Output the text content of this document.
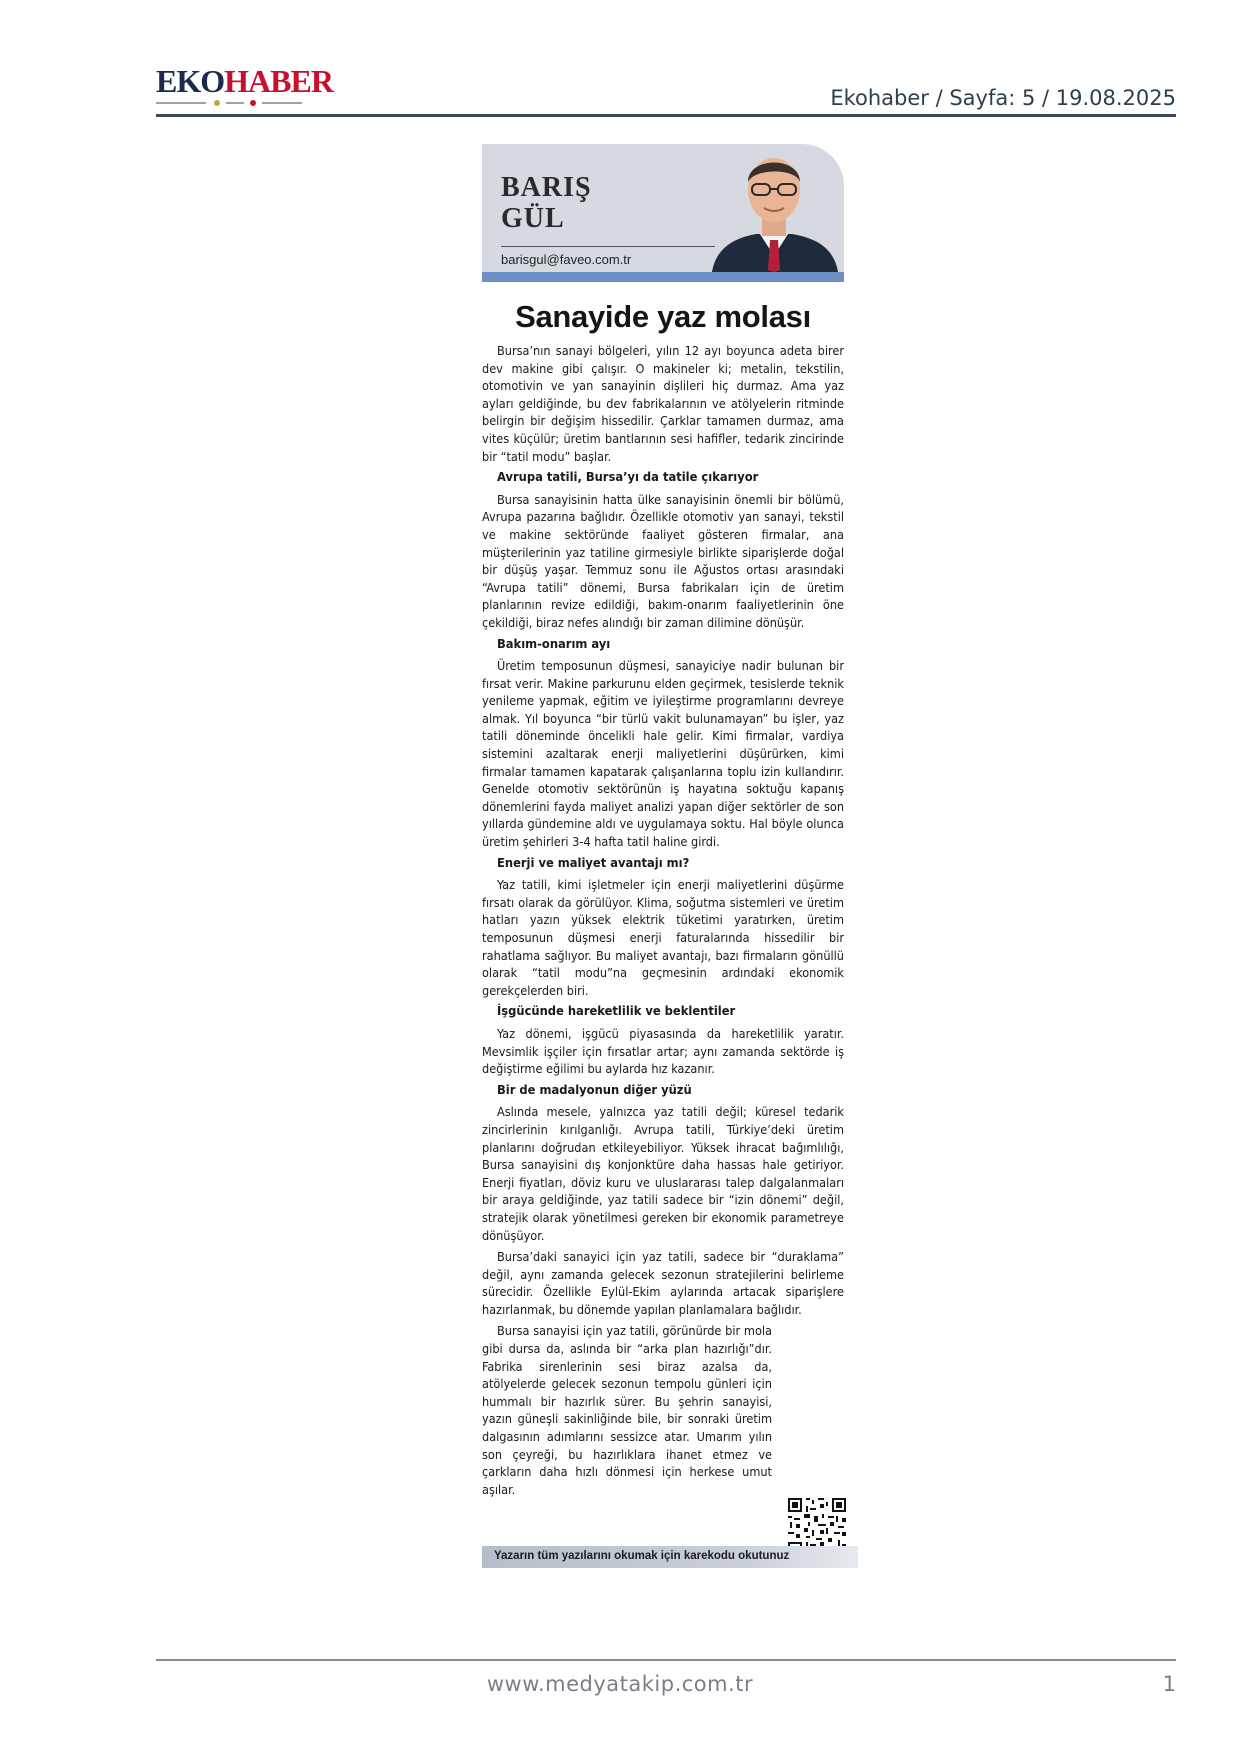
EKOHABER	Ekohaber / Sayfa: 5 / 19.08.2025
BARIŞ
GÜL
barisgul@faveo.com.tr
Sanayide yaz molası

Bursa’nın sanayi bölgeleri, yılın 12 ayı boyunca adeta birer dev makine gibi çalışır. O makineler ki; metalin, tekstilin, otomotivin ve yan sanayinin dişlileri hiç durmaz. Ama yaz ayları geldiğinde, bu dev fabrikalarının ve atölyelerin ritminde belirgin bir değişim hissedilir. Çarklar tamamen durmaz, ama vites küçülür; üretim bantlarının sesi hafifler, tedarik zincirinde bir “tatil modu” başlar.

Avrupa tatili, Bursa’yı da tatile çıkarıyor

Bursa sanayisinin hatta ülke sanayisinin önemli bir bölümü, Avrupa pazarına bağlıdır. Özellikle otomotiv yan sanayi, tekstil ve makine sektöründe faaliyet gösteren firmalar, ana müşterilerinin yaz tatiline girmesiyle birlikte siparişlerde doğal bir düşüş yaşar. Temmuz sonu ile Ağustos ortası arasındaki “Avrupa tatili” dönemi, Bursa fabrikaları için de üretim planlarının revize edildiği, bakım-onarım faaliyetlerinin öne çekildiği, biraz nefes alındığı bir zaman dilimine dönüşür.

Bakım-onarım ayı

Üretim temposunun düşmesi, sanayiciye nadir bulunan bir fırsat verir. Makine parkurunu elden geçirmek, tesislerde teknik yenileme yapmak, eğitim ve iyileştirme programlarını devreye almak. Yıl boyunca “bir türlü vakit bulunamayan” bu işler, yaz tatili döneminde öncelikli hale gelir. Kimi firmalar, vardiya sistemini azaltarak enerji maliyetlerini düşürürken, kimi firmalar tamamen kapatarak çalışanlarına toplu izin kullandırır. Genelde otomotiv sektörünün iş hayatına soktuğu kapanış dönemlerini fayda maliyet analizi yapan diğer sektörler de son yıllarda gündemine aldı ve uygulamaya soktu. Hal böyle olunca üretim şehirleri 3-4 hafta tatil haline girdi.

Enerji ve maliyet avantajı mı?

Yaz tatili, kimi işletmeler için enerji maliyetlerini düşürme fırsatı olarak da görülüyor. Klima, soğutma sistemleri ve üretim hatları yazın yüksek elektrik tüketimi yaratırken, üretim temposunun düşmesi enerji faturalarında hissedilir bir rahatlama sağlıyor. Bu maliyet avantajı, bazı firmaların gönüllü olarak “tatil modu”na geçmesinin ardındaki ekonomik gerekçelerden biri.

İşgücünde hareketlilik ve beklentiler

Yaz dönemi, işgücü piyasasında da hareketlilik yaratır. Mevsimlik işçiler için fırsatlar artar; aynı zamanda sektörde iş değiştirme eğilimi bu aylarda hız kazanır.

Bir de madalyonun diğer yüzü

Aslında mesele, yalnızca yaz tatili değil; küresel tedarik zincirlerinin kırılganlığı. Avrupa tatili, Türkiye’deki üretim planlarını doğrudan etkileyebiliyor. Yüksek ihracat bağımlılığı, Bursa sanayisini dış konjonktüre daha hassas hale getiriyor. Enerji fiyatları, döviz kuru ve uluslararası talep dalgalanmaları bir araya geldiğinde, yaz tatili sadece bir “izin dönemi” değil, stratejik olarak yönetilmesi gereken bir ekonomik parametreye dönüşüyor.

Bursa’daki sanayici için yaz tatili, sadece bir “duraklama” değil, aynı zamanda gelecek sezonun stratejilerini belirleme sürecidir. Özellikle Eylül-Ekim aylarında artacak siparişlere hazırlanmak, bu dönemde yapılan planlamalara bağlıdır.

Bursa sanayisi için yaz tatili, görünürde bir mola gibi dursa da, aslında bir “arka plan hazırlığı”dır. Fabrika sirenlerinin sesi biraz azalsa da, atölyelerde gelecek sezonun tempolu günleri için hummalı bir hazırlık sürer. Bu şehrin sanayisi, yazın güneşli sakinliğinde bile, bir sonraki üretim dalgasının adımlarını sessizce atar. Umarım yılın son çeyreği, bu hazırlıklara ihanet etmez ve çarkların daha hızlı dönmesi için herkese umut aşılar.

Yazarın tüm yazılarını okumak için karekodu okutunuz
www.medyatakip.com.tr	1
